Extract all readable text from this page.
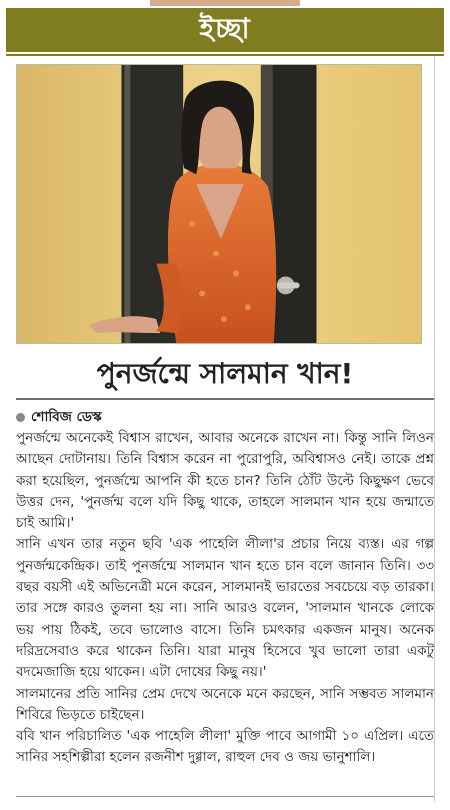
ইচ্ছা
পুনর্জন্মে সালমান খান!
শোবিজ ডেস্ক

পুনর্জন্মে অনেকেই বিশ্বাস রাখেন, আবার অনেকে রাখেন না। কিন্তু সানি লিওন আছেন দোটানায়। তিনি বিশ্বাস করেন না পুরোপুরি, অবিশ্বাসও নেই। তাকে প্রশ্ন করা হয়েছিল, পুনর্জন্মে আপনি কী হতে চান? তিনি ঠোঁট উল্টে কিছুক্ষণ ভেবে উত্তর দেন, 'পুনর্জন্ম বলে যদি কিছু থাকে, তাহলে সালমান খান হয়ে জন্মাতে চাই আমি।'

সানি এখন তার নতুন ছবি 'এক পাহেলি লীলা'র প্রচার নিয়ে ব্যস্ত। এর গল্প পুনর্জন্মকেন্দ্রিক। তাই পুনর্জন্মে সালমান খান হতে চান বলে জানান তিনি। ৩৩ বছর বয়সী এই অভিনেত্রী মনে করেন, সালমানই ভারতের সবচেয়ে বড় তারকা। তার সঙ্গে কারও তুলনা হয় না। সানি আরও বলেন, 'সালমান খানকে লোকে ভয় পায় ঠিকই, তবে ভালোও বাসে। তিনি চমৎকার একজন মানুষ। অনেক দরিদ্রসেবাও করে থাকেন তিনি। যারা মানুষ হিসেবে খুব ভালো তারা একটু বদমেজাজি হয়ে থাকেন। এটা দোষের কিছু নয়।'

সালমানের প্রতি সানির প্রেম দেখে অনেকে মনে করছেন, সানি সম্ভবত সালমান শিবিরে ভিড়তে চাইছেন।

ববি খান পরিচালিত 'এক পাহেলি লীলা' মুক্তি পাবে আগামী ১০ এপ্রিল। এতে সানির সহশিল্পীরা হলেন রজনীশ দুগ্গাল, রাহুল দেব ও জয় ভানুশালি।
